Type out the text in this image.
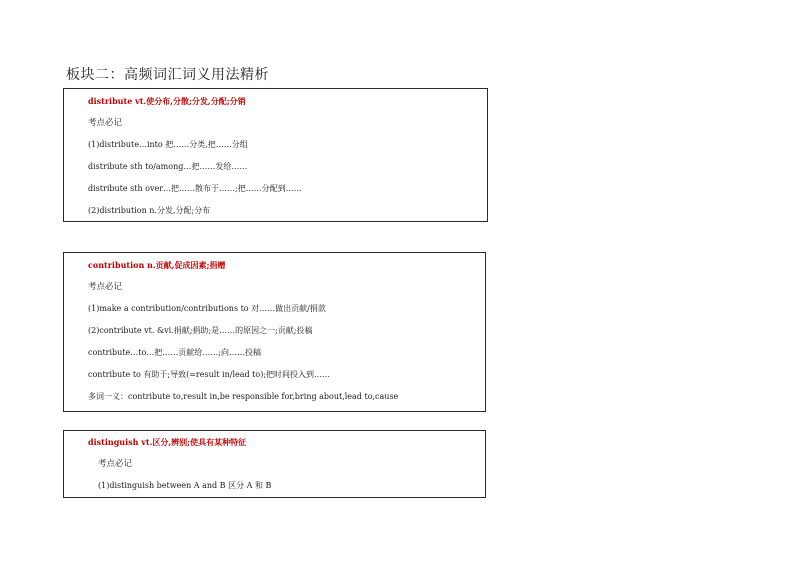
板块二：高频词汇词义用法精析
distribute vt.使分布,分散;分发,分配;分销
考点必记
(1)distribute…into 把……分类,把……分组
distribute sth to/among…把……发给……
distribute sth over…把……散布于……;把……分配到……
(2)distribution n.分发,分配;分布
contribution n.贡献,促成因素;捐赠
考点必记
(1)make a contribution/contributions to 对……做出贡献/捐款
(2)contribute vt. &vi.捐献;捐助;是……的原因之一;贡献;投稿
contribute…to…把……贡献给……;向……投稿
contribute to 有助于;导致(=result in/lead to);把时间投入到……
多词一义：contribute to,result in,be responsible for,bring about,lead to,cause
distinguish vt.区分,辨别;使具有某种特征
考点必记
(1)distinguish between A and B 区分 A 和 B
